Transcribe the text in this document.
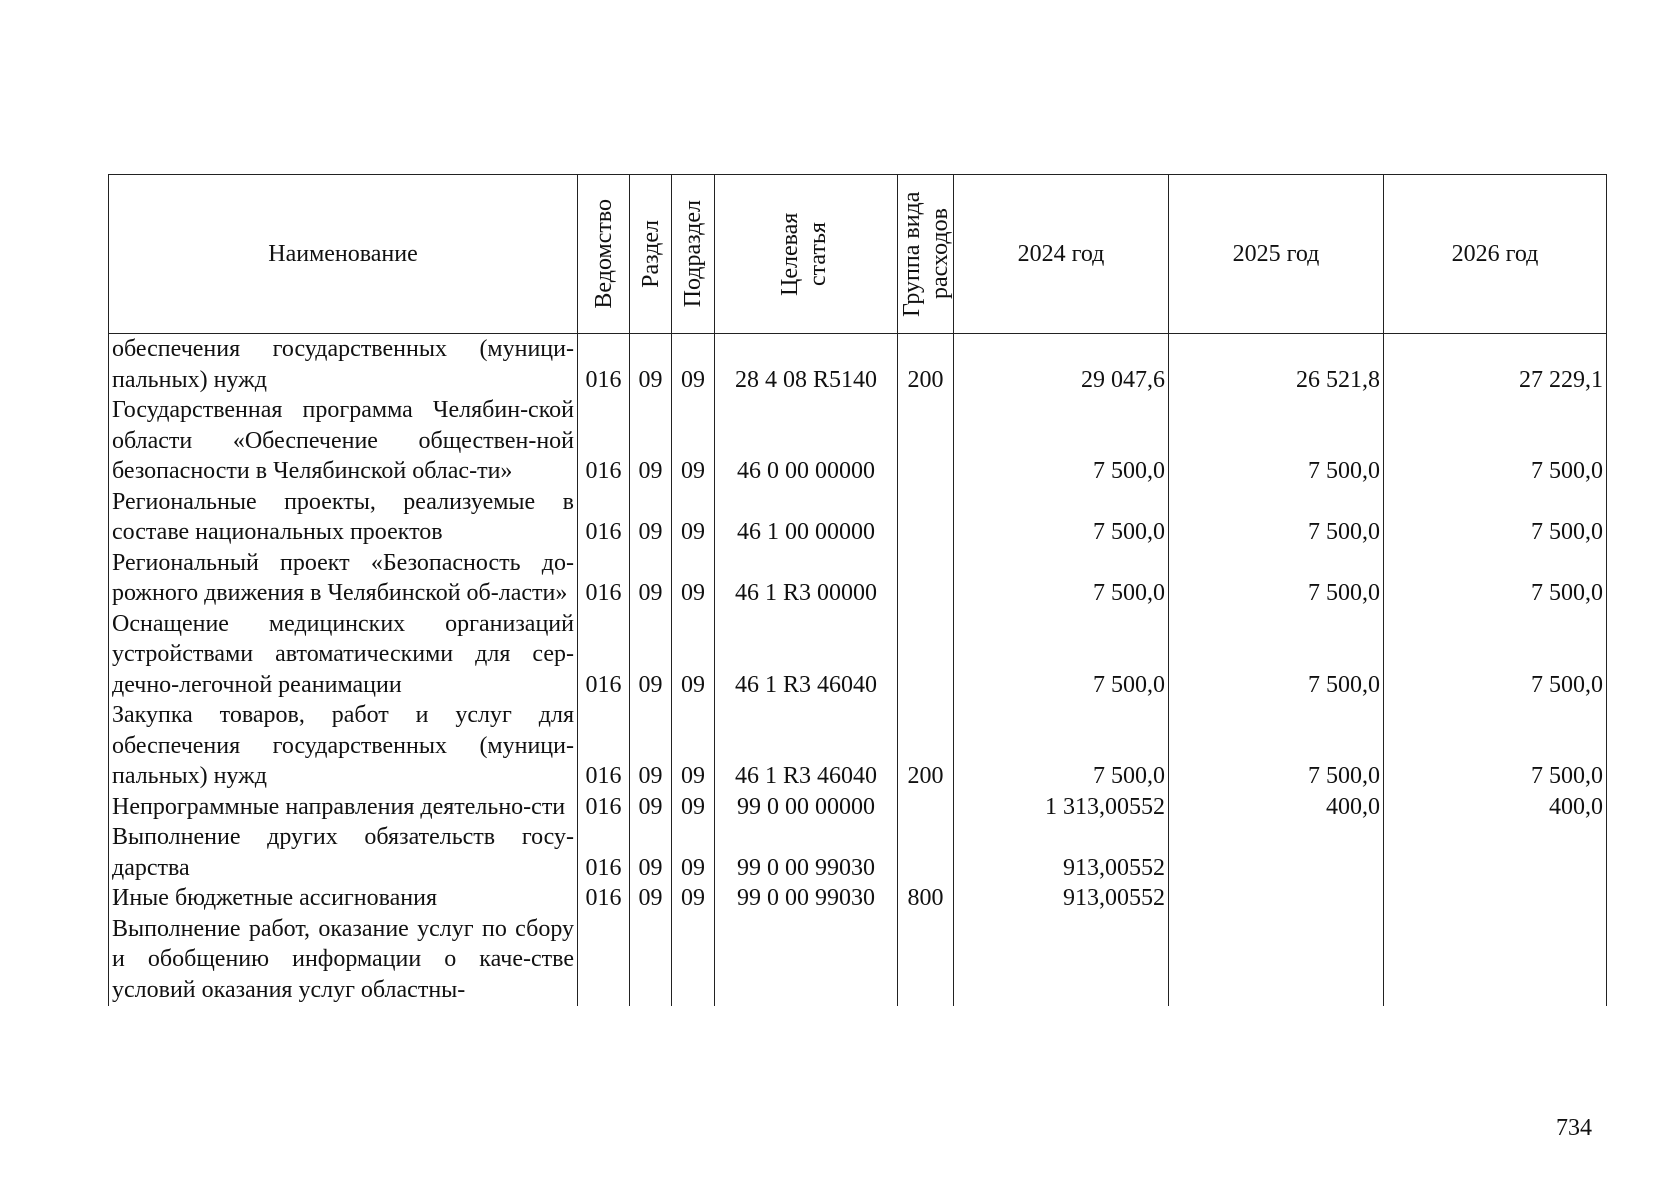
Наименование	Ведомство	Раздел	Подраздел	Целевая статья	Группа вида расходов	2024 год	2025 год	2026 год
обеспечения государственных (муници-пальных) нужд	016	09	09	28 4 08 R5140	200	29 047,6	26 521,8	27 229,1
Государственная программа Челябин-ской области «Обеспечение обществен-ной безопасности в Челябинской облас-ти»	016	09	09	46 0 00 00000		7 500,0	7 500,0	7 500,0
Региональные проекты, реализуемые в составе национальных проектов	016	09	09	46 1 00 00000		7 500,0	7 500,0	7 500,0
Региональный проект «Безопасность до-рожного движения в Челябинской об-ласти»	016	09	09	46 1 R3 00000		7 500,0	7 500,0	7 500,0
Оснащение медицинских организаций устройствами автоматическими для сер-дечно-легочной реанимации	016	09	09	46 1 R3 46040		7 500,0	7 500,0	7 500,0
Закупка товаров, работ и услуг для обеспечения государственных (муници-пальных) нужд	016	09	09	46 1 R3 46040	200	7 500,0	7 500,0	7 500,0
Непрограммные направления деятельно-сти	016	09	09	99 0 00 00000		1 313,00552	400,0	400,0
Выполнение других обязательств госу-дарства	016	09	09	99 0 00 99030		913,00552		
Иные бюджетные ассигнования	016	09	09	99 0 00 99030	800	913,00552		
Выполнение работ, оказание услуг по сбору и обобщению информации о каче-стве условий оказания услуг областны-								
734
